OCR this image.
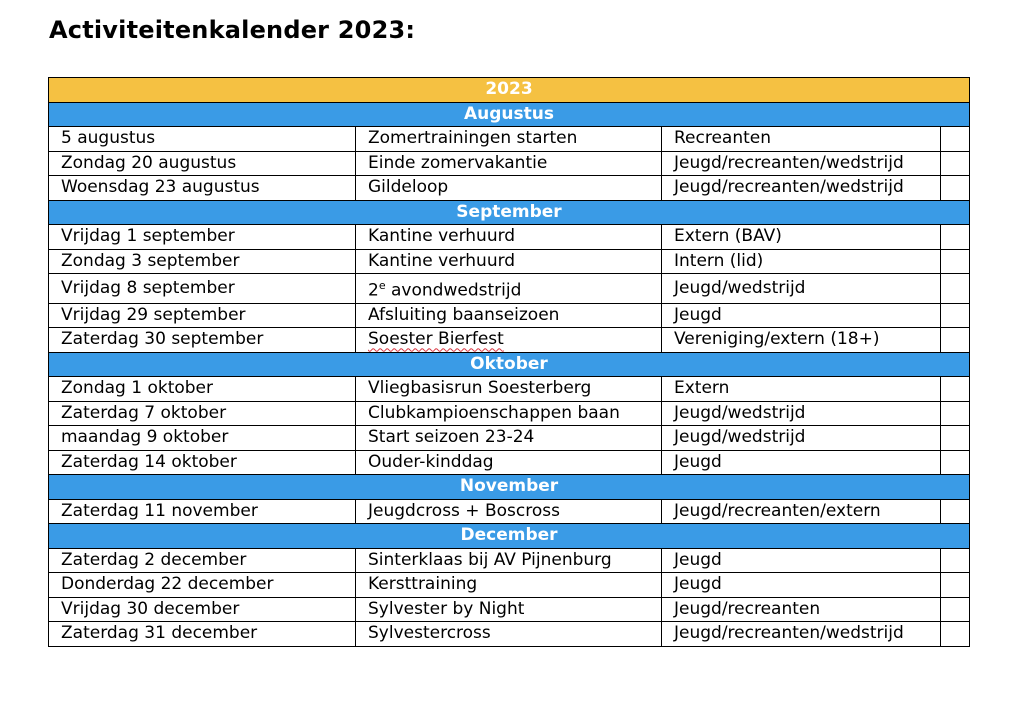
Activiteitenkalender 2023:
2023			
Augustus			
5 augustus	Zomertrainingen starten	Recreanten	
Zondag 20 augustus	Einde zomervakantie	Jeugd/recreanten/wedstrijd	
Woensdag 23 augustus	Gildeloop	Jeugd/recreanten/wedstrijd	
September			
Vrijdag 1 september	Kantine verhuurd	Extern (BAV)	
Zondag 3 september	Kantine verhuurd	Intern (lid)	
Vrijdag 8 september	2e avondwedstrijd	Jeugd/wedstrijd	
Vrijdag 29 september	Afsluiting baanseizoen	Jeugd	
Zaterdag 30 september	Soester Bierfest	Vereniging/extern (18+)	
Oktober			
Zondag 1 oktober	Vliegbasisrun Soesterberg	Extern	
Zaterdag 7 oktober	Clubkampioenschappen baan	Jeugd/wedstrijd	
maandag 9 oktober	Start seizoen 23-24	Jeugd/wedstrijd	
Zaterdag 14 oktober	Ouder-kinddag	Jeugd	
November			
Zaterdag 11 november	Jeugdcross + Boscross	Jeugd/recreanten/extern	
December			
Zaterdag 2 december	Sinterklaas bij AV Pijnenburg	Jeugd	
Donderdag 22 december	Kersttraining	Jeugd	
Vrijdag 30 december	Sylvester by Night	Jeugd/recreanten	
Zaterdag 31 december	Sylvestercross	Jeugd/recreanten/wedstrijd	
